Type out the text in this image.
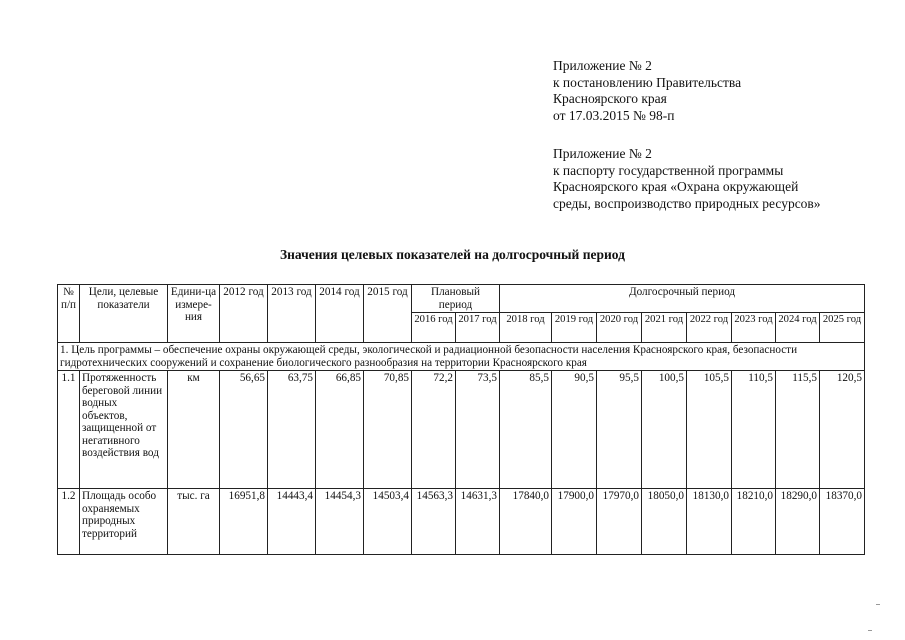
Приложение № 2
к постановлению Правительства
Красноярского края
от 17.03.2015 № 98-п
Приложение № 2
к паспорту государственной программы
Красноярского края «Охрана окружающей
среды, воспроизводство природных ресурсов»
Значения целевых показателей на долгосрочный период
№ п/п	Цели, целевые показатели	Едини-ца измере-ния	2012 год	2013 год	2014 год	2015 год	Плановый период		Долгосрочный период							
							2016 год	2017 год	2018 год	2019 год	2020 год	2021 год	2022 год	2023 год	2024 год	2025 год
1. Цель программы – обеспечение охраны окружающей среды, экологической и радиационной безопасности населения Красноярского края, безопасности гидротехнических сооружений и сохранение биологического разнообразия на территории Красноярского края																
1.1	Протяженность береговой линии водных объектов, защищенной от негативного воздействия вод	км	56,65	63,75	66,85	70,85	72,2	73,5	85,5	90,5	95,5	100,5	105,5	110,5	115,5	120,5
1.2	Площадь особо охраняемых природных территорий	тыс. га	16951,8	14443,4	14454,3	14503,4	14563,3	14631,3	17840,0	17900,0	17970,0	18050,0	18130,0	18210,0	18290,0	18370,0
